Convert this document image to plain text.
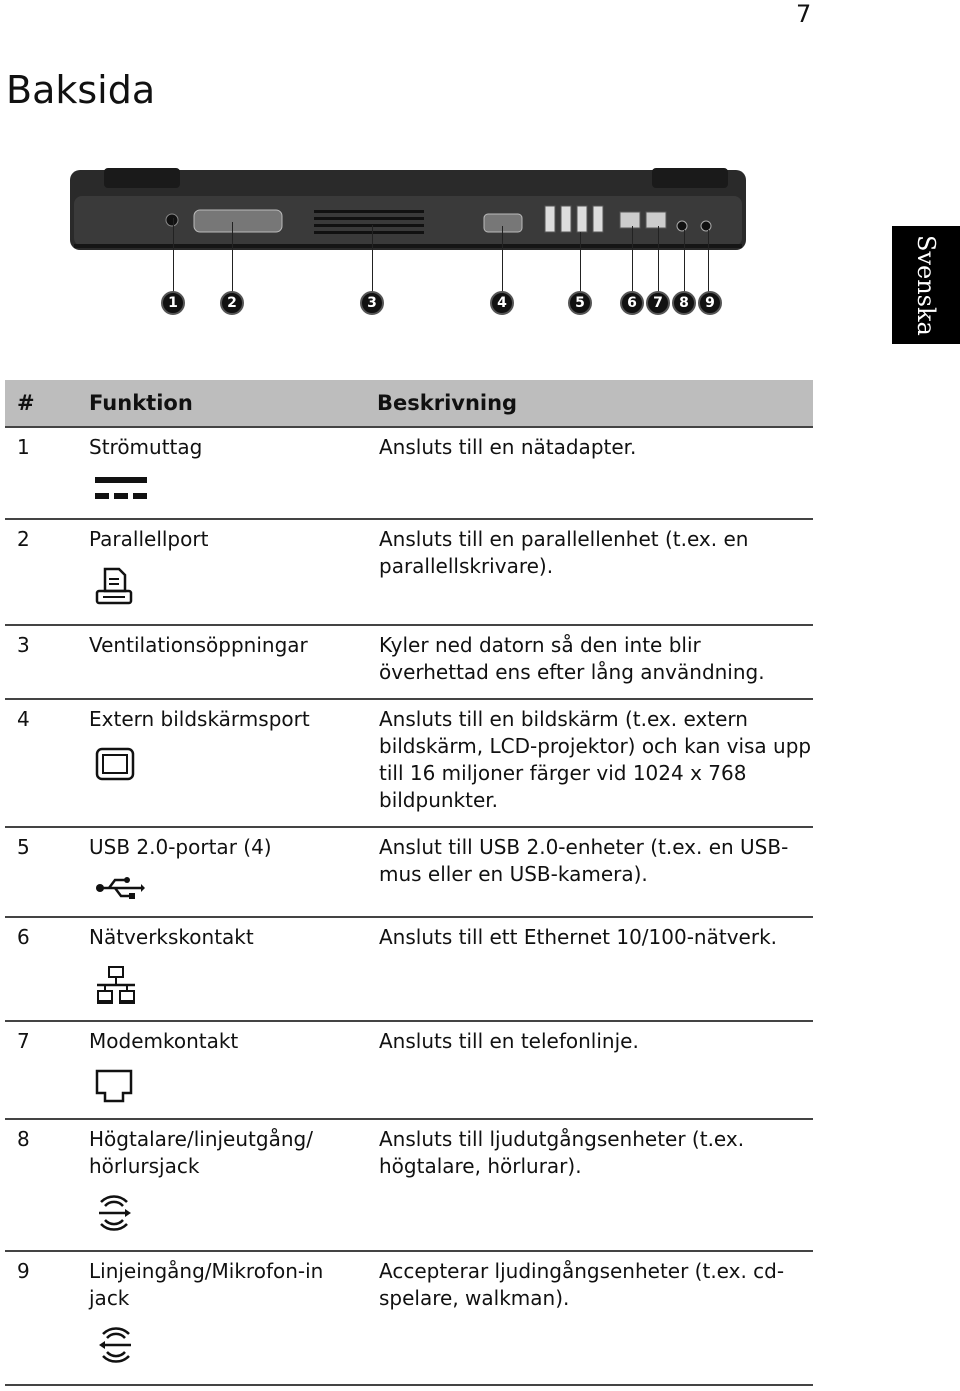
7
Baksida
Svenska
1	2	3	4	5	6	7	8	9
#	Funktion	Beskrivning
1	Strömuttag	Ansluts till en nätadapter.
2	Parallellport	Ansluts till en parallellenhet (t.ex. en parallellskrivare).
3	Ventilationsöppningar	Kyler ned datorn så den inte blir överhettad ens efter lång användning.
4	Extern bildskärmsport	Ansluts till en bildskärm (t.ex. extern bildskärm, LCD-projektor) och kan visa upp till 16 miljoner färger vid 1024 x 768 bildpunkter.
5	USB 2.0-portar (4)	Anslut till USB 2.0-enheter (t.ex. en USB-mus eller en USB-kamera).
6	Nätverkskontakt	Ansluts till ett Ethernet 10/100-nätverk.
7	Modemkontakt	Ansluts till en telefonlinje.
8	Högtalare/linjeutgång/ hörlursjack	Ansluts till ljudutgångsenheter (t.ex. högtalare, hörlurar).
9	Linjeingång/Mikrofon-in jack	Accepterar ljudingångsenheter (t.ex. cd-spelare, walkman).
